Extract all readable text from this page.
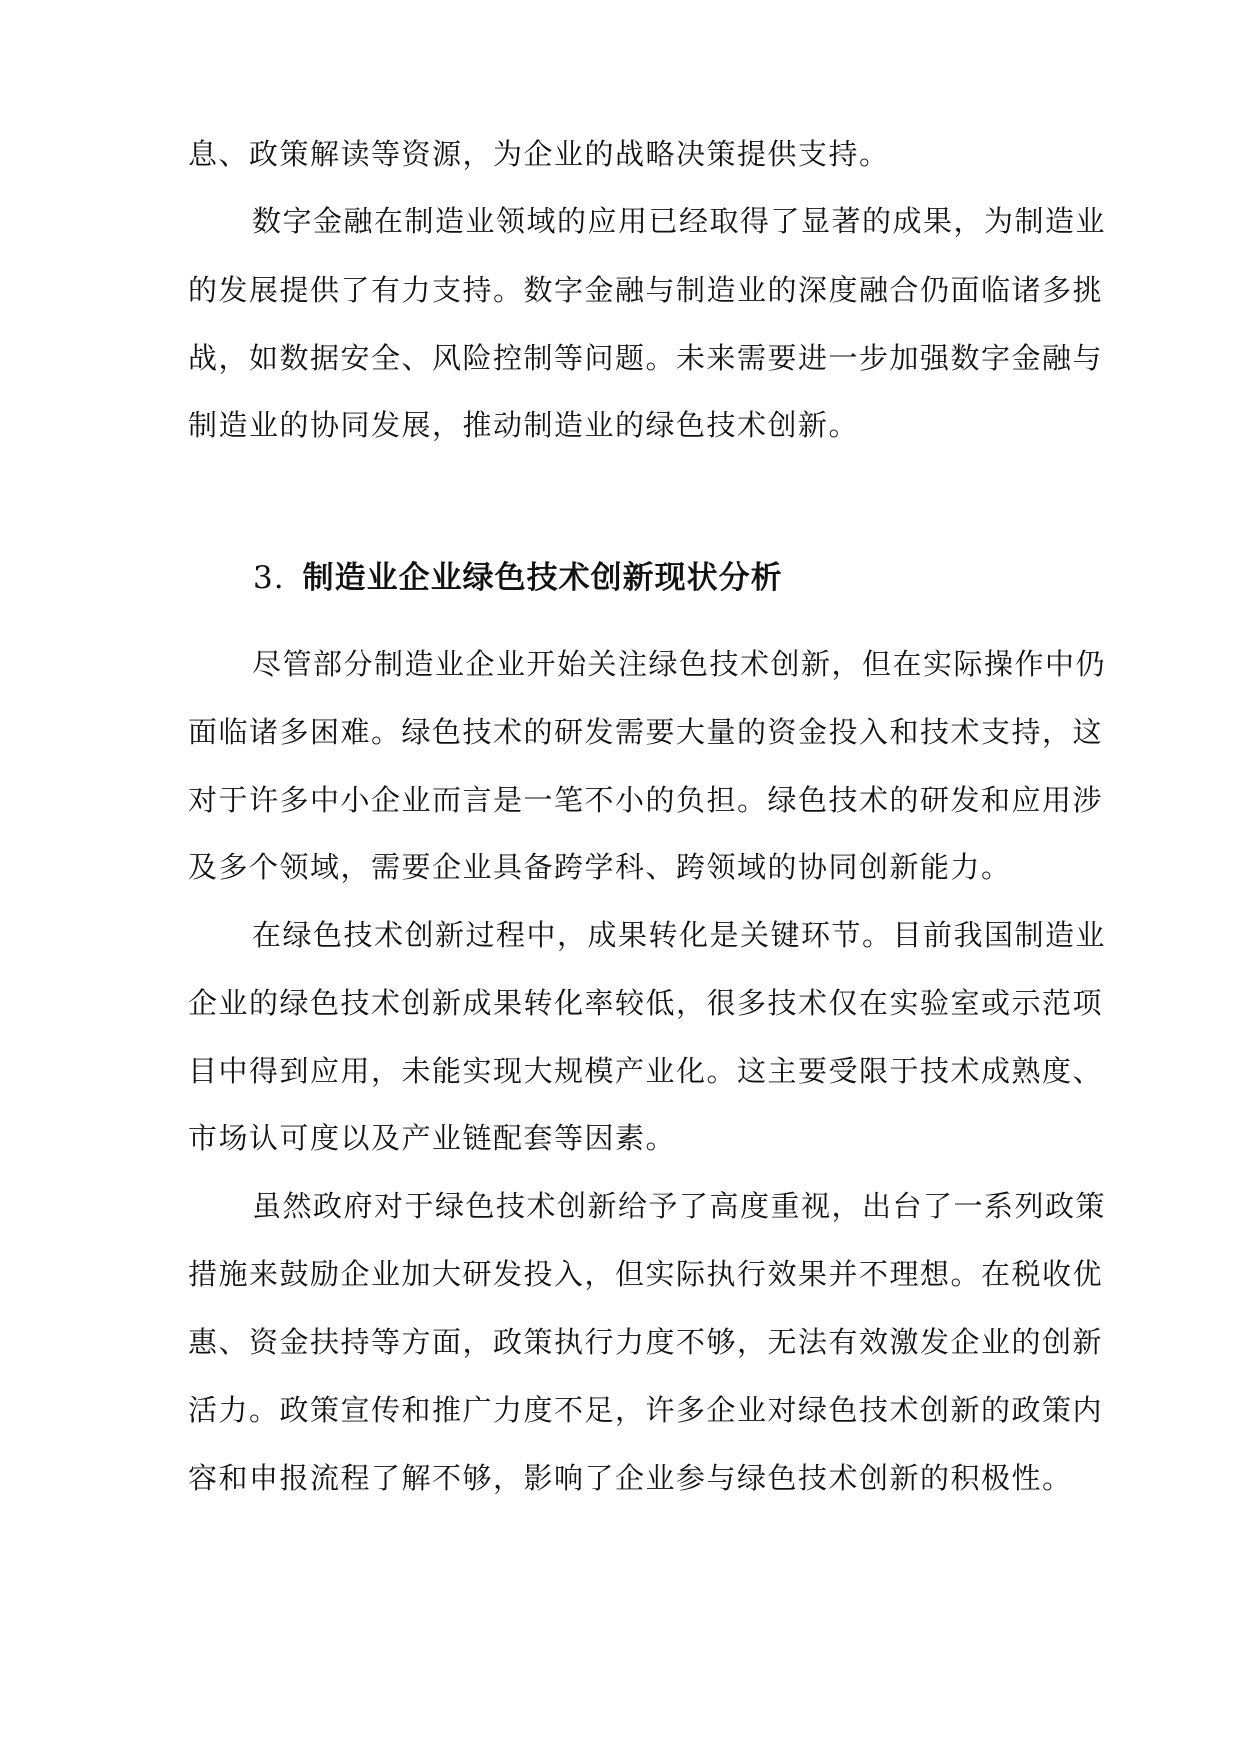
息、政策解读等资源，为企业的战略决策提供支持。
数字金融在制造业领域的应用已经取得了显著的成果，为制造业
的发展提供了有力支持。数字金融与制造业的深度融合仍面临诸多挑
战，如数据安全、风险控制等问题。未来需要进一步加强数字金融与
制造业的协同发展，推动制造业的绿色技术创新。
3. 制造业企业绿色技术创新现状分析
尽管部分制造业企业开始关注绿色技术创新，但在实际操作中仍
面临诸多困难。绿色技术的研发需要大量的资金投入和技术支持，这
对于许多中小企业而言是一笔不小的负担。绿色技术的研发和应用涉
及多个领域，需要企业具备跨学科、跨领域的协同创新能力。
在绿色技术创新过程中，成果转化是关键环节。目前我国制造业
企业的绿色技术创新成果转化率较低，很多技术仅在实验室或示范项
目中得到应用，未能实现大规模产业化。这主要受限于技术成熟度、
市场认可度以及产业链配套等因素。
虽然政府对于绿色技术创新给予了高度重视，出台了一系列政策
措施来鼓励企业加大研发投入，但实际执行效果并不理想。在税收优
惠、资金扶持等方面，政策执行力度不够，无法有效激发企业的创新
活力。政策宣传和推广力度不足，许多企业对绿色技术创新的政策内
容和申报流程了解不够，影响了企业参与绿色技术创新的积极性。
